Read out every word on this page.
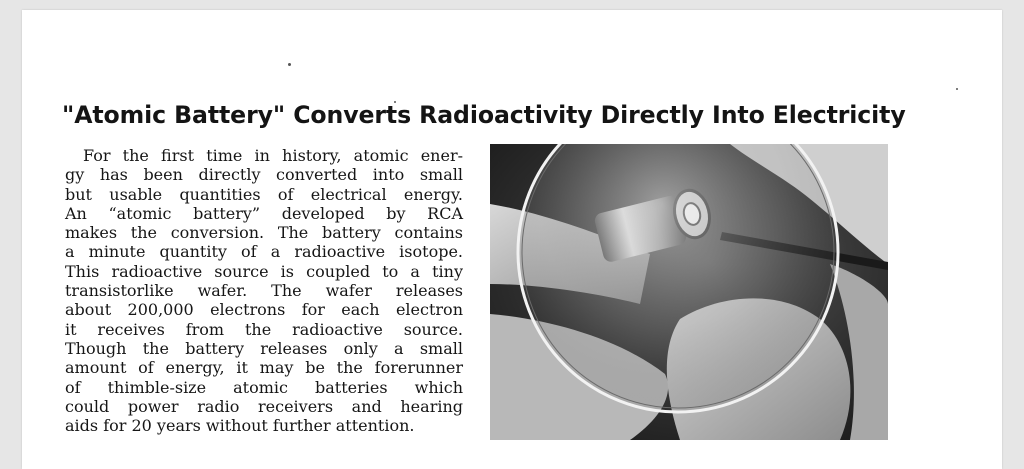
"Atomic Battery" Converts Radioactivity Directly Into Electricity
For the first time in history, atomic ener-
gy has been directly converted into small
but usable quantities of electrical energy.
An “atomic battery” developed by RCA
makes the conversion. The battery contains
a minute quantity of a radioactive isotope.
This radioactive source is coupled to a tiny
transistorlike wafer. The wafer releases
about 200,000 electrons for each electron
it receives from the radioactive source.
Though the battery releases only a small
amount of energy, it may be the forerunner
of thimble-size atomic batteries which
could power radio receivers and hearing
aids for 20 years without further attention.
